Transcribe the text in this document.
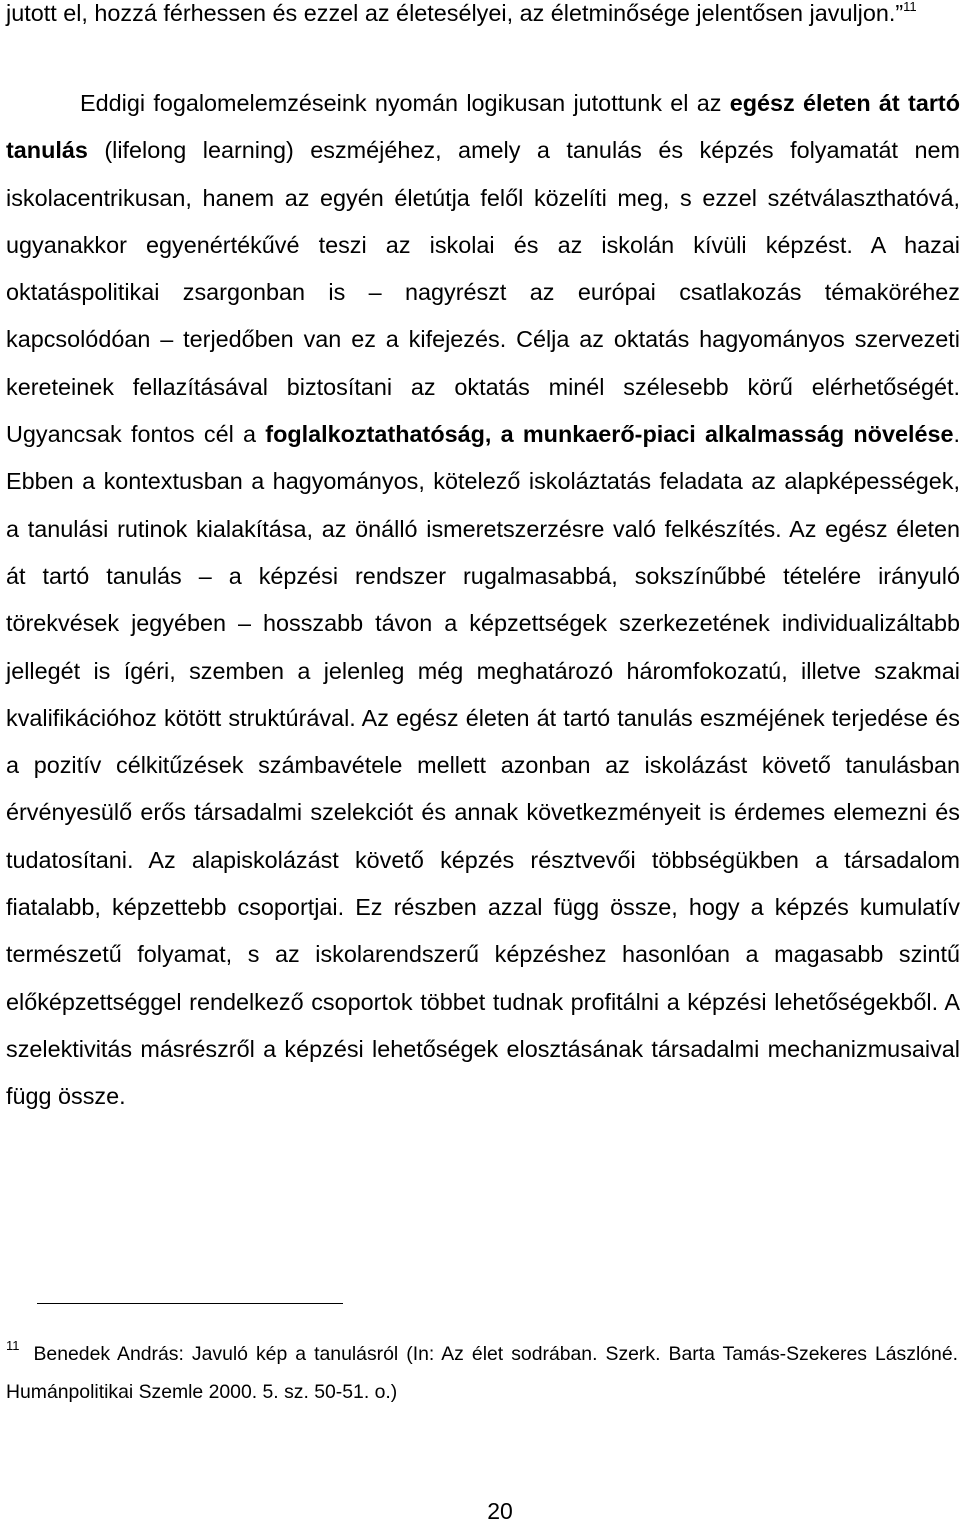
jutott el, hozzá férhessen és ezzel az életesélyei, az életminősége jelentősen javuljon.”$^{11}$

Eddigi fogalomelemzéseink nyomán logikusan jutottunk el az egész életen át tartó tanulás (lifelong learning) eszméjéhez, amely a tanulás és képzés folyamatát nem iskolacentrikusan, hanem az egyén életútja felől közelíti meg, s ezzel szétválaszthatóvá, ugyanakkor egyenértékűvé teszi az iskolai és az iskolán kívüli képzést. A hazai oktatáspolitikai zsargonban is – nagyrészt az európai csatlakozás témaköréhez kapcsolódóan – terjedőben van ez a kifejezés. Célja az oktatás hagyományos szervezeti kereteinek fellazításával biztosítani az oktatás minél szélesebb körű elérhetőségét. Ugyancsak fontos cél a foglalkoztathatóság, a munkaerő-piaci alkalmasság növelése. Ebben a kontextusban a hagyományos, kötelező iskoláztatás feladata az alapképességek, a tanulási rutinok kialakítása, az önálló ismeretszerzésre való felkészítés. Az egész életen át tartó tanulás – a képzési rendszer rugalmasabbá, sokszínűbbé tételére irányuló törekvések jegyében – hosszabb távon a képzettségek szerkezetének individualizáltabb jellegét is ígéri, szemben a jelenleg még meghatározó háromfokozatú, illetve szakmai kvalifikációhoz kötött struktúrával. Az egész életen át tartó tanulás eszméjének terjedése és a pozitív célkitűzések számbavétele mellett azonban az iskolázást követő tanulásban érvényesülő erős társadalmi szelekciót és annak következményeit is érdemes elemezni és tudatosítani. Az alapiskolázást követő képzés résztvevői többségükben a társadalom fiatalabb, képzettebb csoportjai. Ez részben azzal függ össze, hogy a képzés kumulatív természetű folyamat, s az iskolarendszerű képzéshez hasonlóan a magasabb szintű előképzettséggel rendelkező csoportok többet tudnak profitálni a képzési lehetőségekből. A szelektivitás másrészről a képzési lehetőségek elosztásának társadalmi mechanizmusaival függ össze.

$^{11}$ Benedek András: Javuló kép a tanulásról (In: Az élet sodrában. Szerk. Barta Tamás-Szekeres Lászlóné. Humánpolitikai Szemle 2000. 5. sz. 50-51. o.)

20
